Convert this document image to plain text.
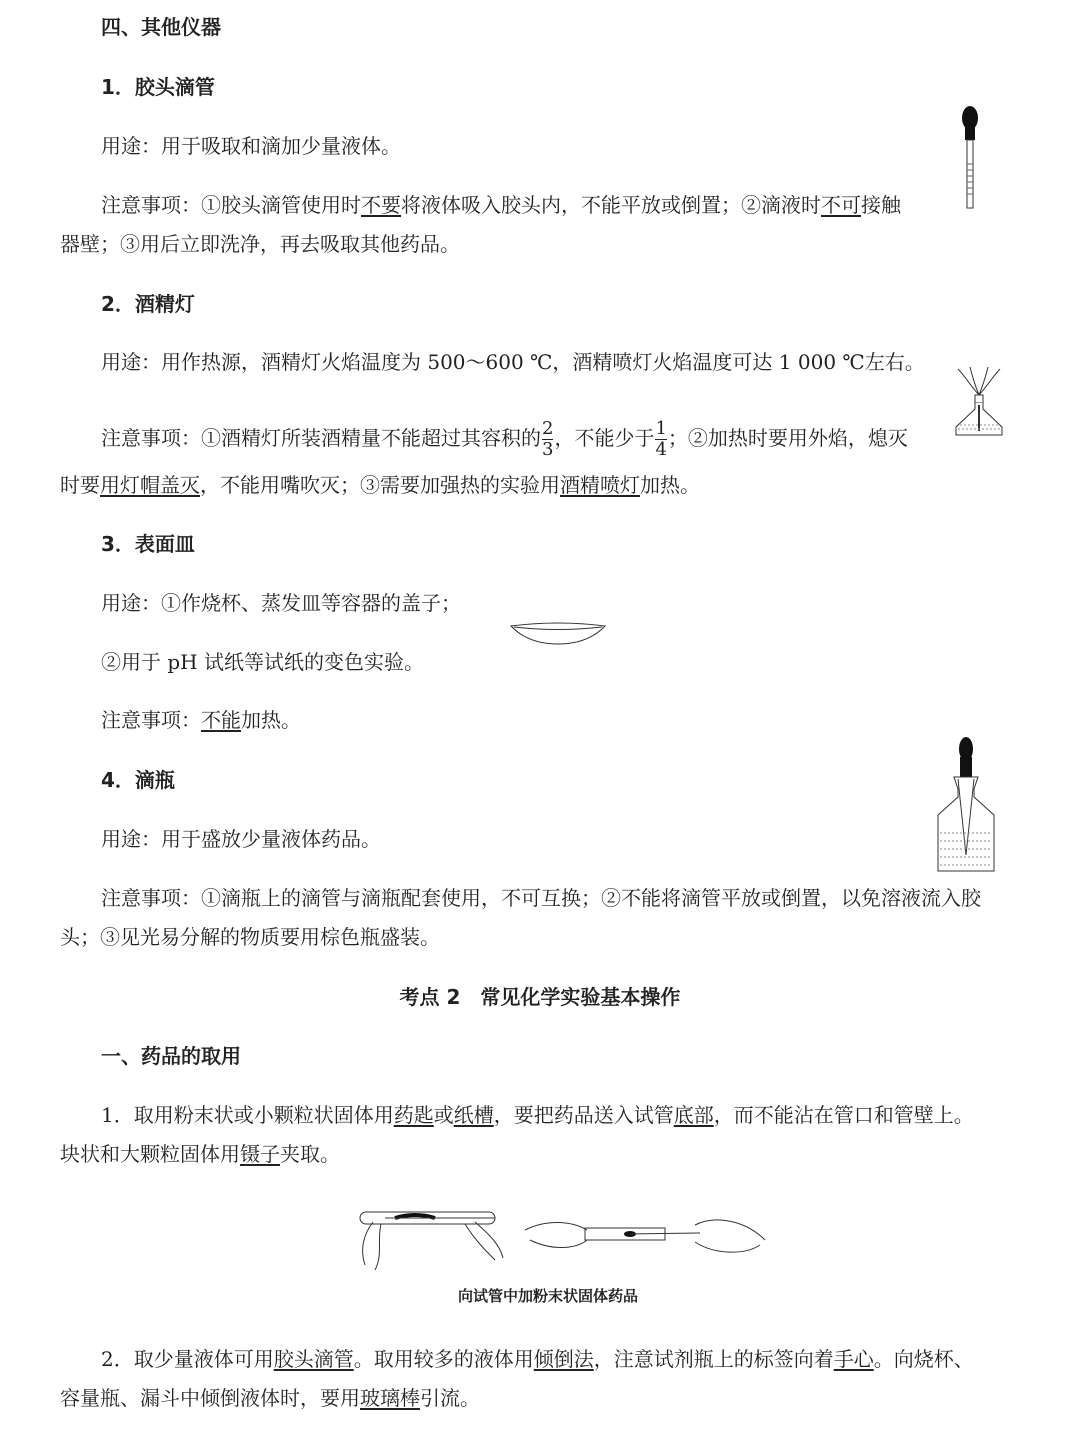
四、其他仪器
1．胶头滴管
用途：用于吸取和滴加少量液体。
注意事项：①胶头滴管使用时不要将液体吸入胶头内，不能平放或倒置；②滴液时不可接触
器壁；③用后立即洗净，再去吸取其他药品。
2．酒精灯
用途：用作热源，酒精灯火焰温度为 500～600 ℃，酒精喷灯火焰温度可达 1 000 ℃左右。
注意事项：①酒精灯所装酒精量不能超过其容积的 $\frac{2}{3}$ ，不能少于 $\frac{1}{4}$ ；②加热时要用外焰，熄灭
时要用灯帽盖灭，不能用嘴吹灭；③需要加强热的实验用酒精喷灯加热。
3．表面皿
用途：①作烧杯、蒸发皿等容器的盖子；
②用于 pH 试纸等试纸的变色实验。
注意事项：不能加热。
4．滴瓶
用途：用于盛放少量液体药品。
注意事项：①滴瓶上的滴管与滴瓶配套使用，不可互换；②不能将滴管平放或倒置，以免溶液流入胶
头；③见光易分解的物质要用棕色瓶盛装。
考点 2　常见化学实验基本操作
一、药品的取用
1．取用粉末状或小颗粒状固体用药匙或纸槽，要把药品送入试管底部，而不能沾在管口和管壁上。
块状和大颗粒固体用镊子夹取。
向试管中加粉末状固体药品
2．取少量液体可用胶头滴管。取用较多的液体用倾倒法，注意试剂瓶上的标签向着手心。向烧杯、
容量瓶、漏斗中倾倒液体时，要用玻璃棒引流。
